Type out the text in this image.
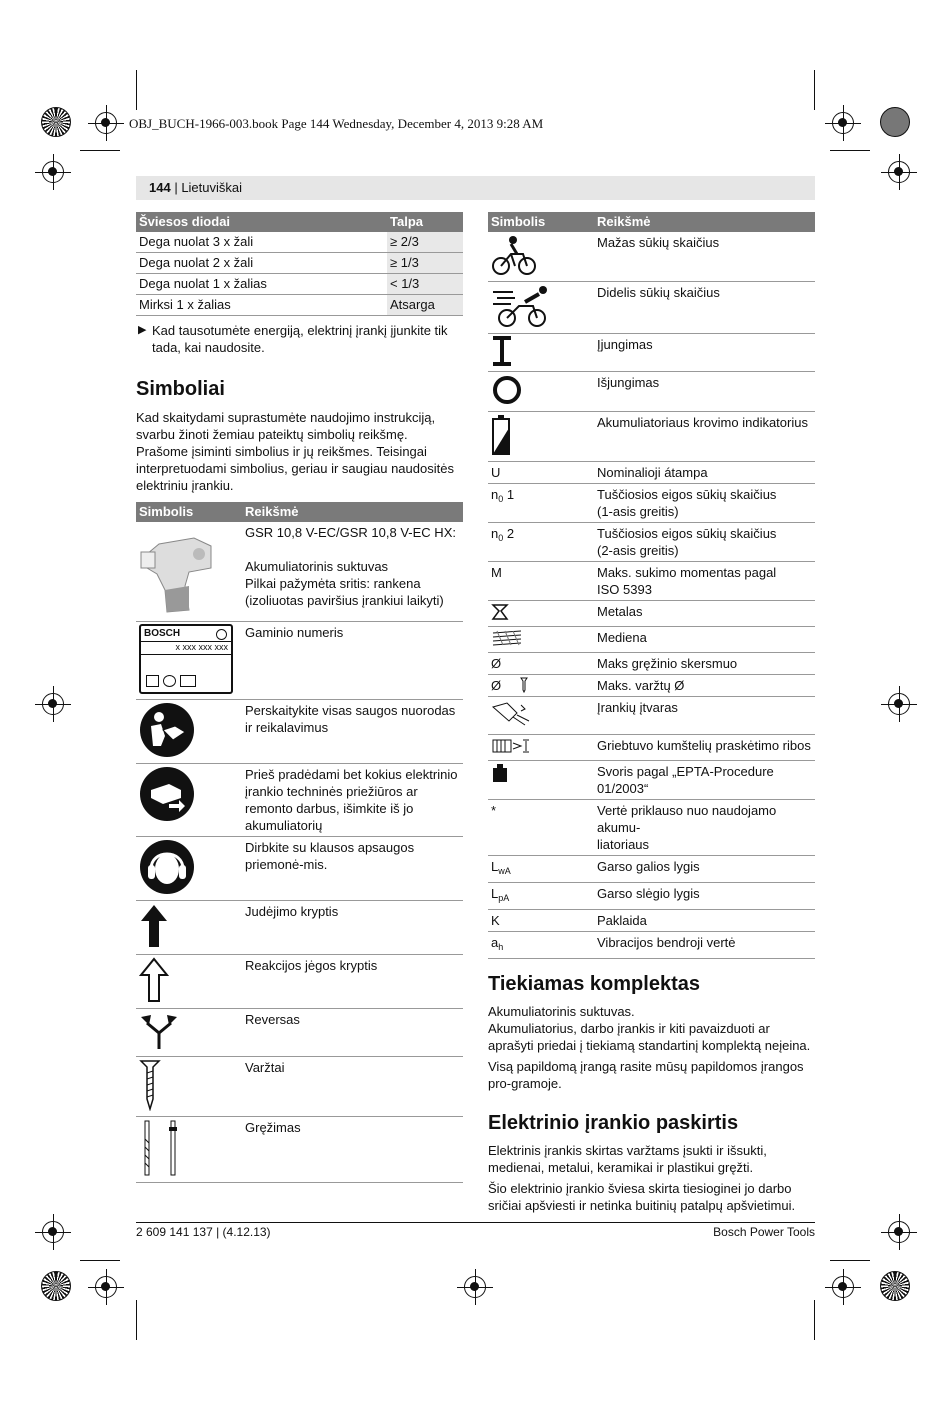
OBJ_BUCH-1966-003.book Page 144 Wednesday, December 4, 2013 9:28 AM
144 | Lietuviškai
Šviesos diodai	Talpa
Dega nuolat 3 x žali	≥ 2/3
Dega nuolat 2 x žali	≥ 1/3
Dega nuolat 1 x žalias	< 1/3
Mirksi 1 x žalias	Atsarga
▶ Kad tausotumėte energiją, elektrinį įrankį įjunkite tik tada, kai naudosite.
Simboliai

Kad skaitydami suprastumėte naudojimo instrukciją, svarbu žinoti žemiau pateiktų simbolių reikšmę. Prašome įsiminti simbolius ir jų reikšmes. Teisingai interpretuodami simbolius, geriau ir saugiau naudositės elektriniu įrankiu.

Simbolis	Reikšmė

GSR 10,8 V-EC/GSR 10,8 V-EC HX:
Akumuliatorinis suktuvas
Pilkai pažymėta sritis: rankena (izoliuotas paviršius įrankiui laikyti)

BOSCH
x xxx xxx xxx	Gaminio numeris
	Perskaitykite visas saugos nuorodas ir reikalavimus
	Prieš pradėdami bet kokius elektrinio įrankio techninės priežiūros ar remonto darbus, išimkite iš jo akumuliatorių
	Dirbkite su klausos apsaugos priemonė-mis.
	Judėjimo kryptis
	Reakcijos jėgos kryptis
	Reversas
	Varžtai
	Gręžimas
Simbolis	Reikšmė
	Mažas sūkių skaičius
	Didelis sūkių skaičius
	Įjungimas
	Išjungimas
	Akumuliatoriaus krovimo indikatorius
U	Nominalioji átampa
$n_0$ 1	Tuščiosios eigos sūkių skaičius
(1-asis greitis)

$n_0$ 2	Tuščiosios eigos sūkių skaičius
(2-asis greitis)

M	Maks. sukimo momentas pagal
ISO 5393

	Metalas
	Mediena
Ø	Maks gręžinio skersmuo
Ø	Maks. varžtų Ø
	Įrankių įtvaras
	Griebtuvo kumštelių praskėtimo ribos

Svoris pagal „EPTA-Procedure
01/2003“

*	Vertė priklauso nuo naudojamo akumu-
liatoriaus

$L_{wA}$	Garso galios lygis
$L_{pA}$	Garso slėgio lygis
K	Paklaida
$a_h$	Vibracijos bendroji vertė
Tiekiamas komplektas

Akumuliatorinis suktuvas.

Akumuliatorius, darbo įrankis ir kiti pavaizduoti ar aprašyti priedai į tiekiamą standartinį komplektą neįeina.

Visą papildomą įrangą rasite mūsų papildomos įrangos pro-gramoje.

Elektrinio įrankio paskirtis

Elektrinis įrankis skirtas varžtams įsukti ir išsukti, medienai, metalui, keramikai ir plastikui gręžti.

Šio elektrinio įrankio šviesa skirta tiesioginei jo darbo sričiai apšviesti ir netinka buitinių patalpų apšvietimui.

2 609 141 137 | (4.12.13)	Bosch Power Tools
